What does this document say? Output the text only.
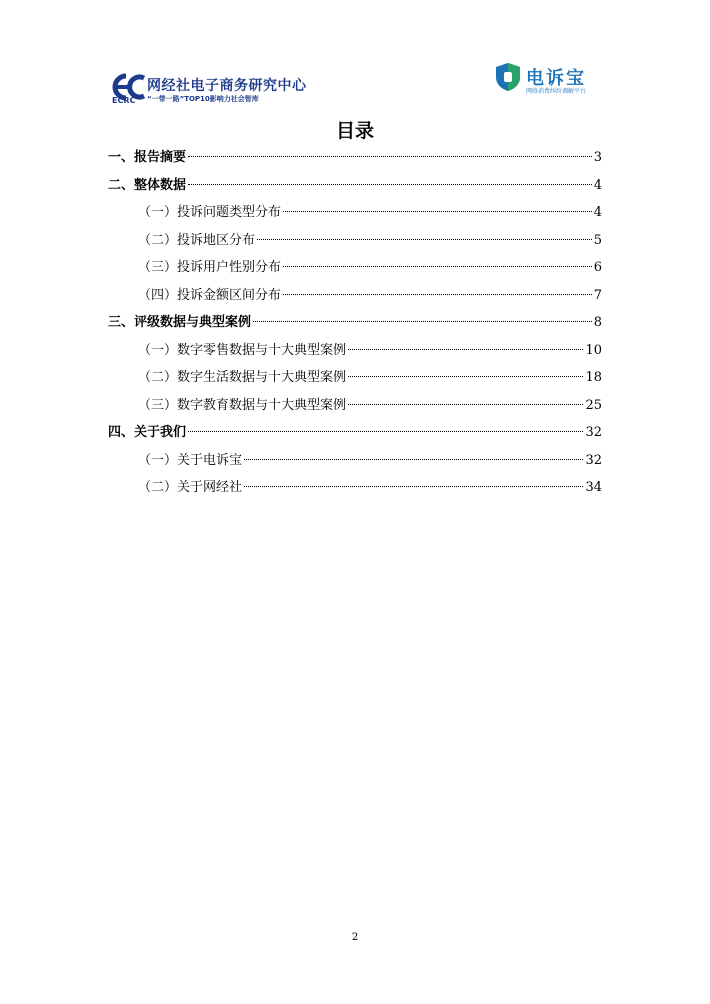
ECRC
网经社电子商务研究中心
“一带一路”TOP10影响力社会智库
电诉宝
网络消费纠纷调解平台
目录
一、报告摘要	3
二、整体数据	4
（一）投诉问题类型分布	4
（二）投诉地区分布	5
（三）投诉用户性别分布	6
（四）投诉金额区间分布	7
三、评级数据与典型案例	8
（一）数字零售数据与十大典型案例	10
（二）数字生活数据与十大典型案例	18
（三）数字教育数据与十大典型案例	25
四、关于我们	32
（一）关于电诉宝	32
（二）关于网经社	34
2
